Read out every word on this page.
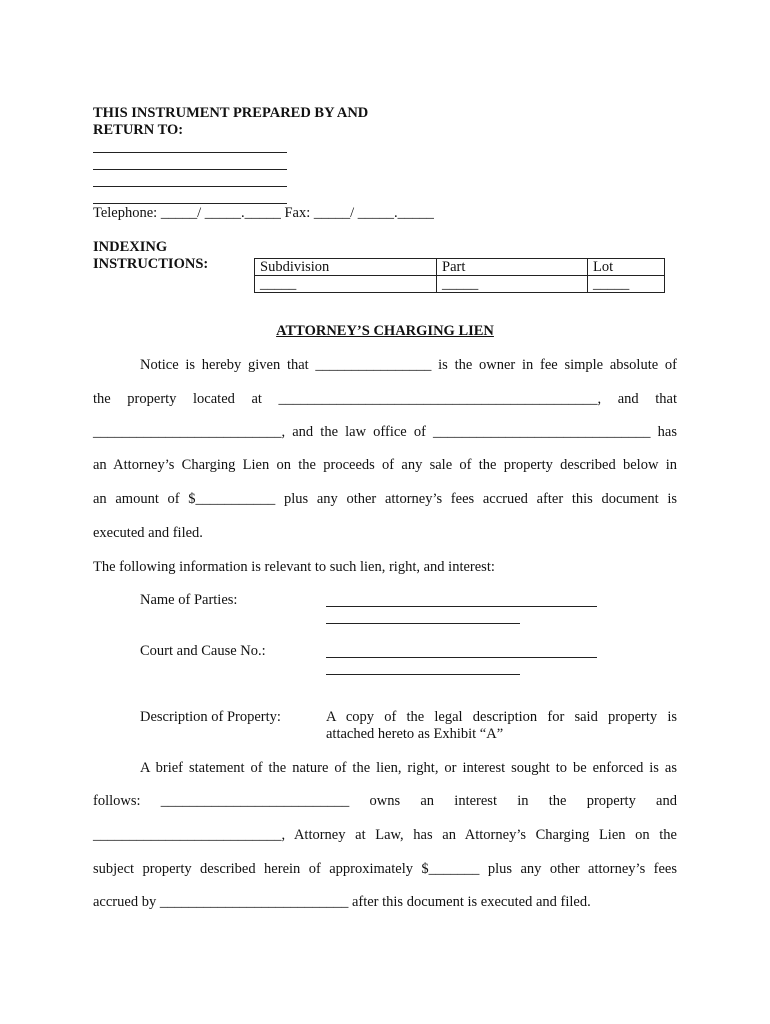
THIS INSTRUMENT PREPARED BY AND
RETURN TO:
Telephone: _____/ _____._____ Fax: _____/ _____._____
INDEXING
INSTRUCTIONS:	Subdivision	Part	Lot
_____	_____	_____
ATTORNEY’S CHARGING LIEN
Notice is hereby given that ________________ is the owner in fee simple absolute of
the property located at ____________________________________________, and that
__________________________, and the law office of ______________________________ has
an Attorney’s Charging Lien on the proceeds of any sale of the property described below in
an amount of $___________ plus any other attorney’s fees accrued after this document is
executed and filed.
The following information is relevant to such lien, right, and interest:
Name of Parties:
Court and Cause No.:
Description of Property:	A copy of the legal description for said property is
attached hereto as Exhibit “A”
A brief statement of the nature of the lien, right, or interest sought to be enforced is as
follows: __________________________ owns an interest in the property and
__________________________, Attorney at Law, has an Attorney’s Charging Lien on the
subject property described herein of approximately $_______ plus any other attorney’s fees
accrued by __________________________ after this document is executed and filed.
